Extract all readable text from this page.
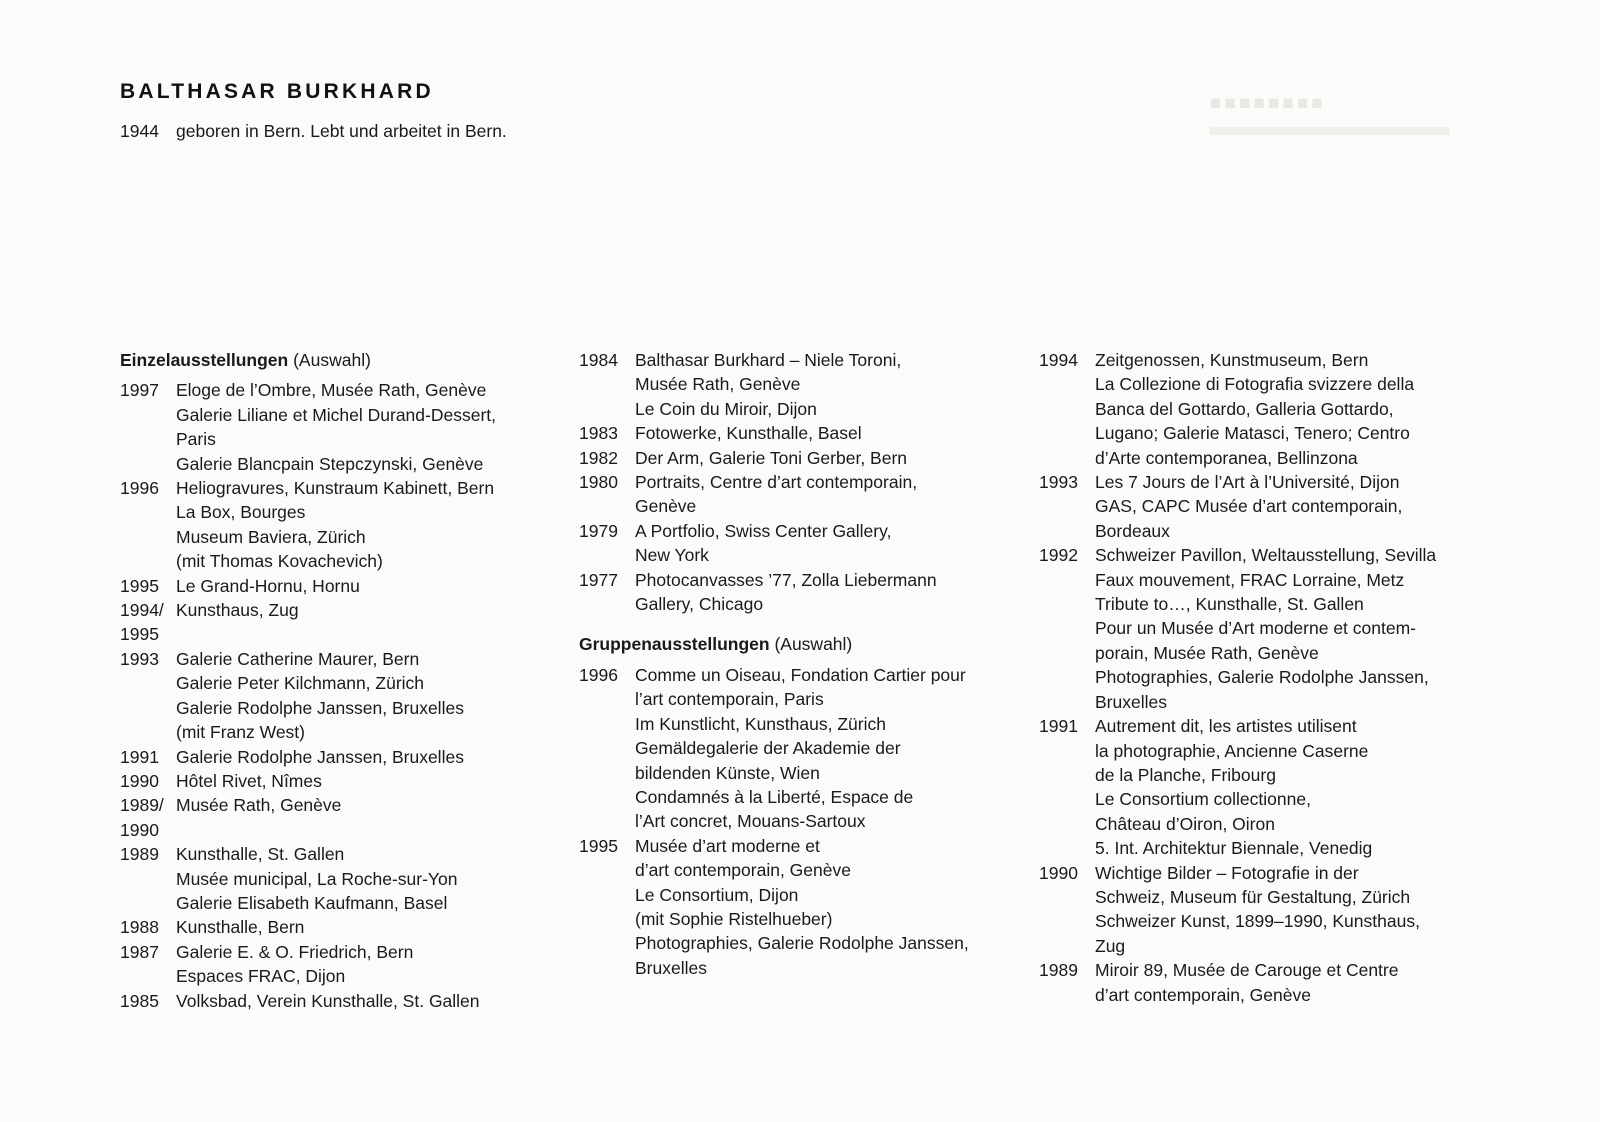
■■■■■■■■
BALTHASAR BURKHARD
1944 geboren in Bern. Lebt und arbeitet in Bern.
Einzelausstellungen (Auswahl)
1997 Eloge de l’Ombre, Musée Rath, Genève
Galerie Liliane et Michel Durand-Dessert,
Paris
Galerie Blancpain Stepczynski, Genève
1996 Heliogravures, Kunstraum Kabinett, Bern
La Box, Bourges
Museum Baviera, Zürich
(mit Thomas Kovachevich)
1995 Le Grand-Hornu, Hornu
1994/
1995
Kunsthaus, Zug
1993 Galerie Catherine Maurer, Bern
Galerie Peter Kilchmann, Zürich
Galerie Rodolphe Janssen, Bruxelles
(mit Franz West)
1991 Galerie Rodolphe Janssen, Bruxelles
1990 Hôtel Rivet, Nîmes
1989/
1990
Musée Rath, Genève
1989 Kunsthalle, St. Gallen
Musée municipal, La Roche-sur-Yon
Galerie Elisabeth Kaufmann, Basel
1988 Kunsthalle, Bern
1987 Galerie E. & O. Friedrich, Bern
Espaces FRAC, Dijon
1985 Volksbad, Verein Kunsthalle, St. Gallen
1984 Balthasar Burkhard – Niele Toroni,
Musée Rath, Genève
Le Coin du Miroir, Dijon
1983 Fotowerke, Kunsthalle, Basel
1982 Der Arm, Galerie Toni Gerber, Bern
1980 Portraits, Centre d’art contemporain,
Genève
1979 A Portfolio, Swiss Center Gallery,
New York
1977 Photocanvasses ’77, Zolla Liebermann
Gallery, Chicago
Gruppenausstellungen (Auswahl)
1996 Comme un Oiseau, Fondation Cartier pour
l’art contemporain, Paris
Im Kunstlicht, Kunsthaus, Zürich
Gemäldegalerie der Akademie der
bildenden Künste, Wien
Condamnés à la Liberté, Espace de
l’Art concret, Mouans-Sartoux
1995 Musée d’art moderne et
d’art contemporain, Genève
Le Consortium, Dijon
(mit Sophie Ristelhueber)
Photographies, Galerie Rodolphe Janssen,
Bruxelles
1994 Zeitgenossen, Kunstmuseum, Bern
La Collezione di Fotografia svizzere della
Banca del Gottardo, Galleria Gottardo,
Lugano; Galerie Matasci, Tenero; Centro
d’Arte contemporanea, Bellinzona
1993 Les 7 Jours de l’Art à l’Université, Dijon
GAS, CAPC Musée d’art contemporain,
Bordeaux
1992 Schweizer Pavillon, Weltausstellung, Sevilla
Faux mouvement, FRAC Lorraine, Metz
Tribute to…, Kunsthalle, St. Gallen
Pour un Musée d’Art moderne et contem-
porain, Musée Rath, Genève
Photographies, Galerie Rodolphe Janssen,
Bruxelles
1991 Autrement dit, les artistes utilisent
la photographie, Ancienne Caserne
de la Planche, Fribourg
Le Consortium collectionne,
Château d’Oiron, Oiron
5. Int. Architektur Biennale, Venedig
1990 Wichtige Bilder – Fotografie in der
Schweiz, Museum für Gestaltung, Zürich
Schweizer Kunst, 1899–1990, Kunsthaus,
Zug
1989 Miroir 89, Musée de Carouge et Centre
d’art contemporain, Genève
